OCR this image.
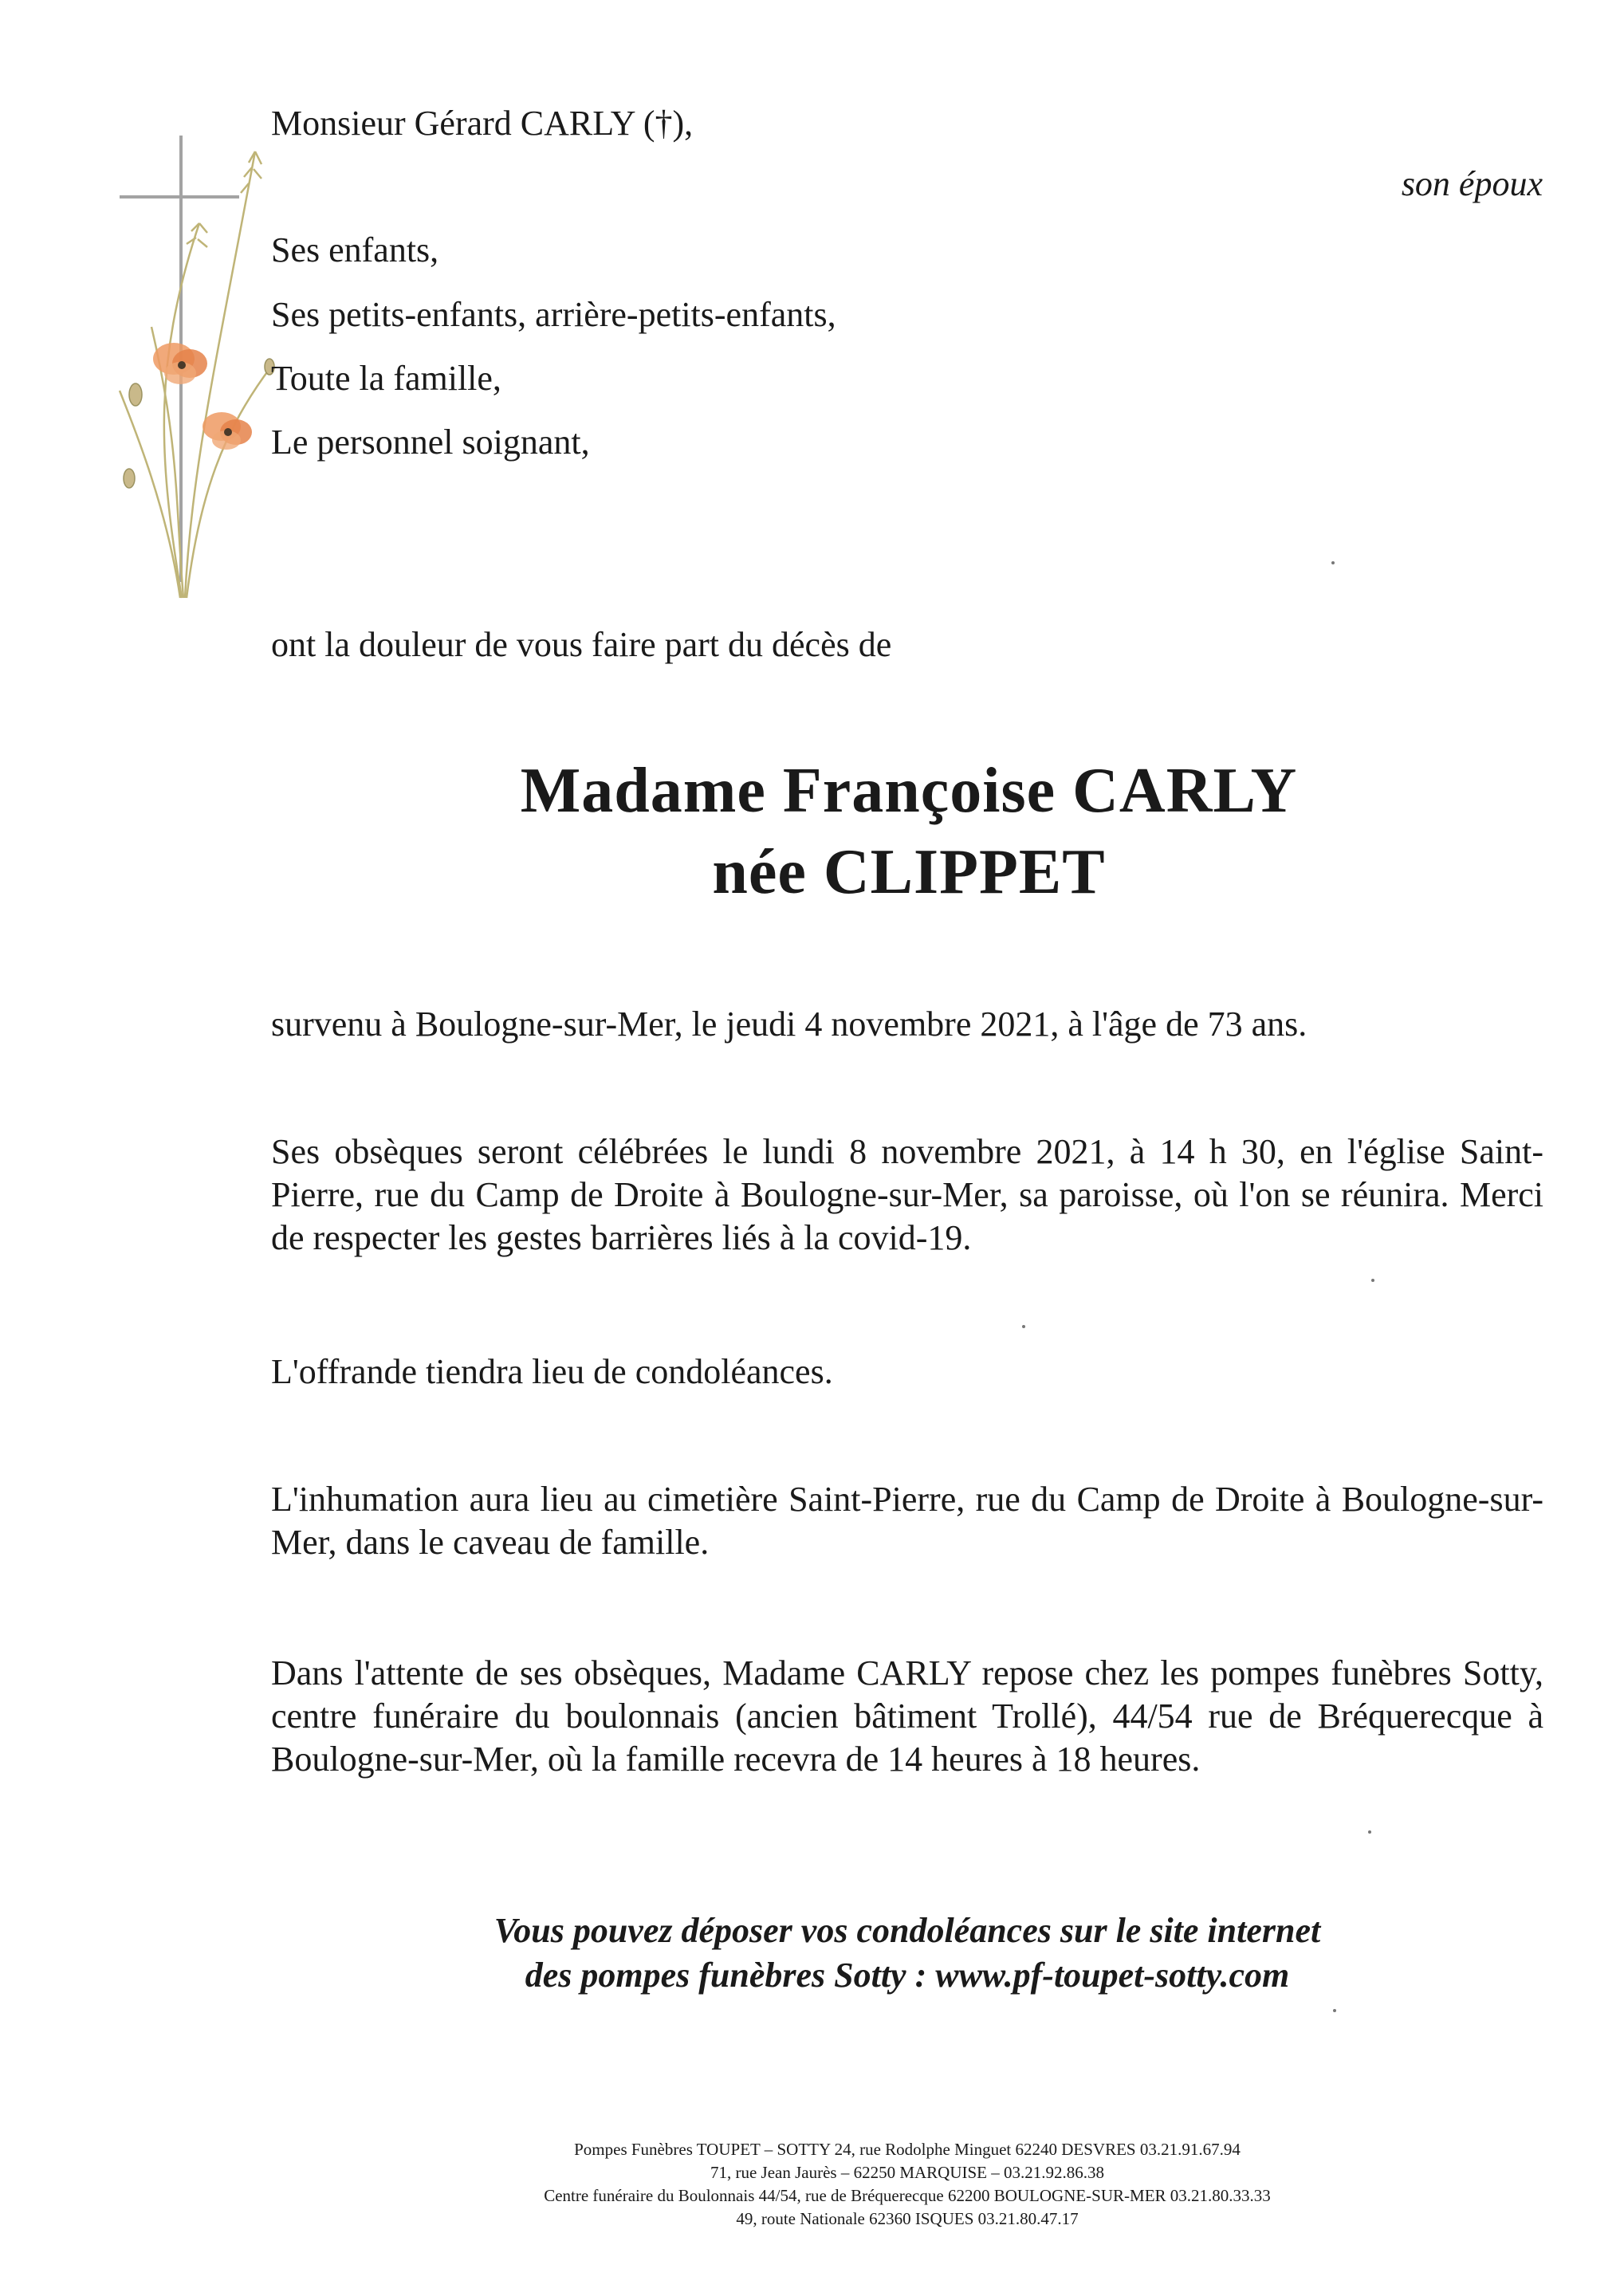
Monsieur Gérard CARLY (†),

son époux

Ses enfants,

Ses petits-enfants, arrière-petits-enfants,

Toute la famille,

Le personnel soignant,

ont la douleur de vous faire part du décès de

Madame Françoise CARLY
née CLIPPET

survenu à Boulogne-sur-Mer, le jeudi 4 novembre 2021, à l'âge de 73 ans.

Ses obsèques seront célébrées le lundi 8 novembre 2021, à 14 h 30, en l'église Saint-Pierre, rue du Camp de Droite à Boulogne-sur-Mer, sa paroisse, où l'on se réunira. Merci de respecter les gestes barrières liés à la covid-19.

L'offrande tiendra lieu de condoléances.

L'inhumation aura lieu au cimetière Saint-Pierre, rue du Camp de Droite à Boulogne-sur-Mer, dans le caveau de famille.

Dans l'attente de ses obsèques, Madame CARLY repose chez les pompes funèbres Sotty, centre funéraire du boulonnais (ancien bâtiment Trollé), 44/54 rue de Bréquerecque à Boulogne-sur-Mer, où la famille recevra de 14 heures à 18 heures.

Vous pouvez déposer vos condoléances sur le site internet
des pompes funèbres Sotty : www.pf-toupet-sotty.com
Pompes Funèbres TOUPET – SOTTY 24, rue Rodolphe Minguet 62240 DESVRES 03.21.91.67.94
71, rue Jean Jaurès – 62250 MARQUISE – 03.21.92.86.38
Centre funéraire du Boulonnais 44/54, rue de Bréquerecque 62200 BOULOGNE-SUR-MER 03.21.80.33.33
49, route Nationale 62360 ISQUES 03.21.80.47.17
